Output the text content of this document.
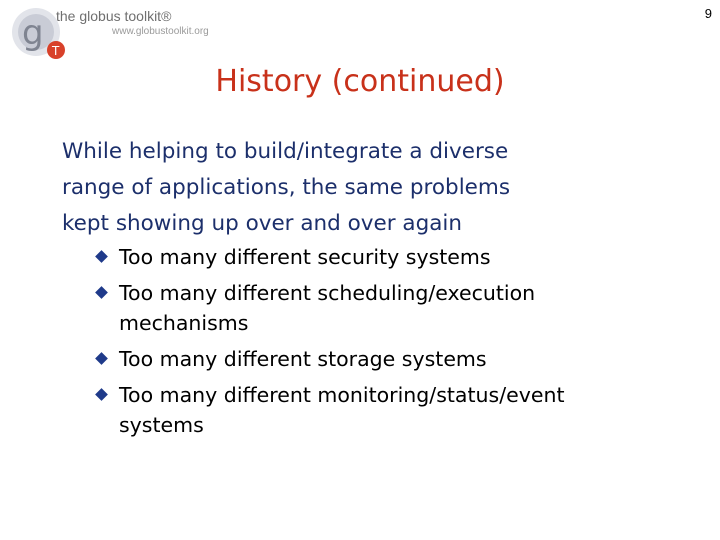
g T
the globus toolkit®
www.globustoolkit.org
9
History (continued)
While helping to build/integrate a diverse
range of applications, the same problems
kept showing up over and over again
Too many different security systems
Too many different scheduling/execution
mechanisms
Too many different storage systems
Too many different monitoring/status/event
systems
